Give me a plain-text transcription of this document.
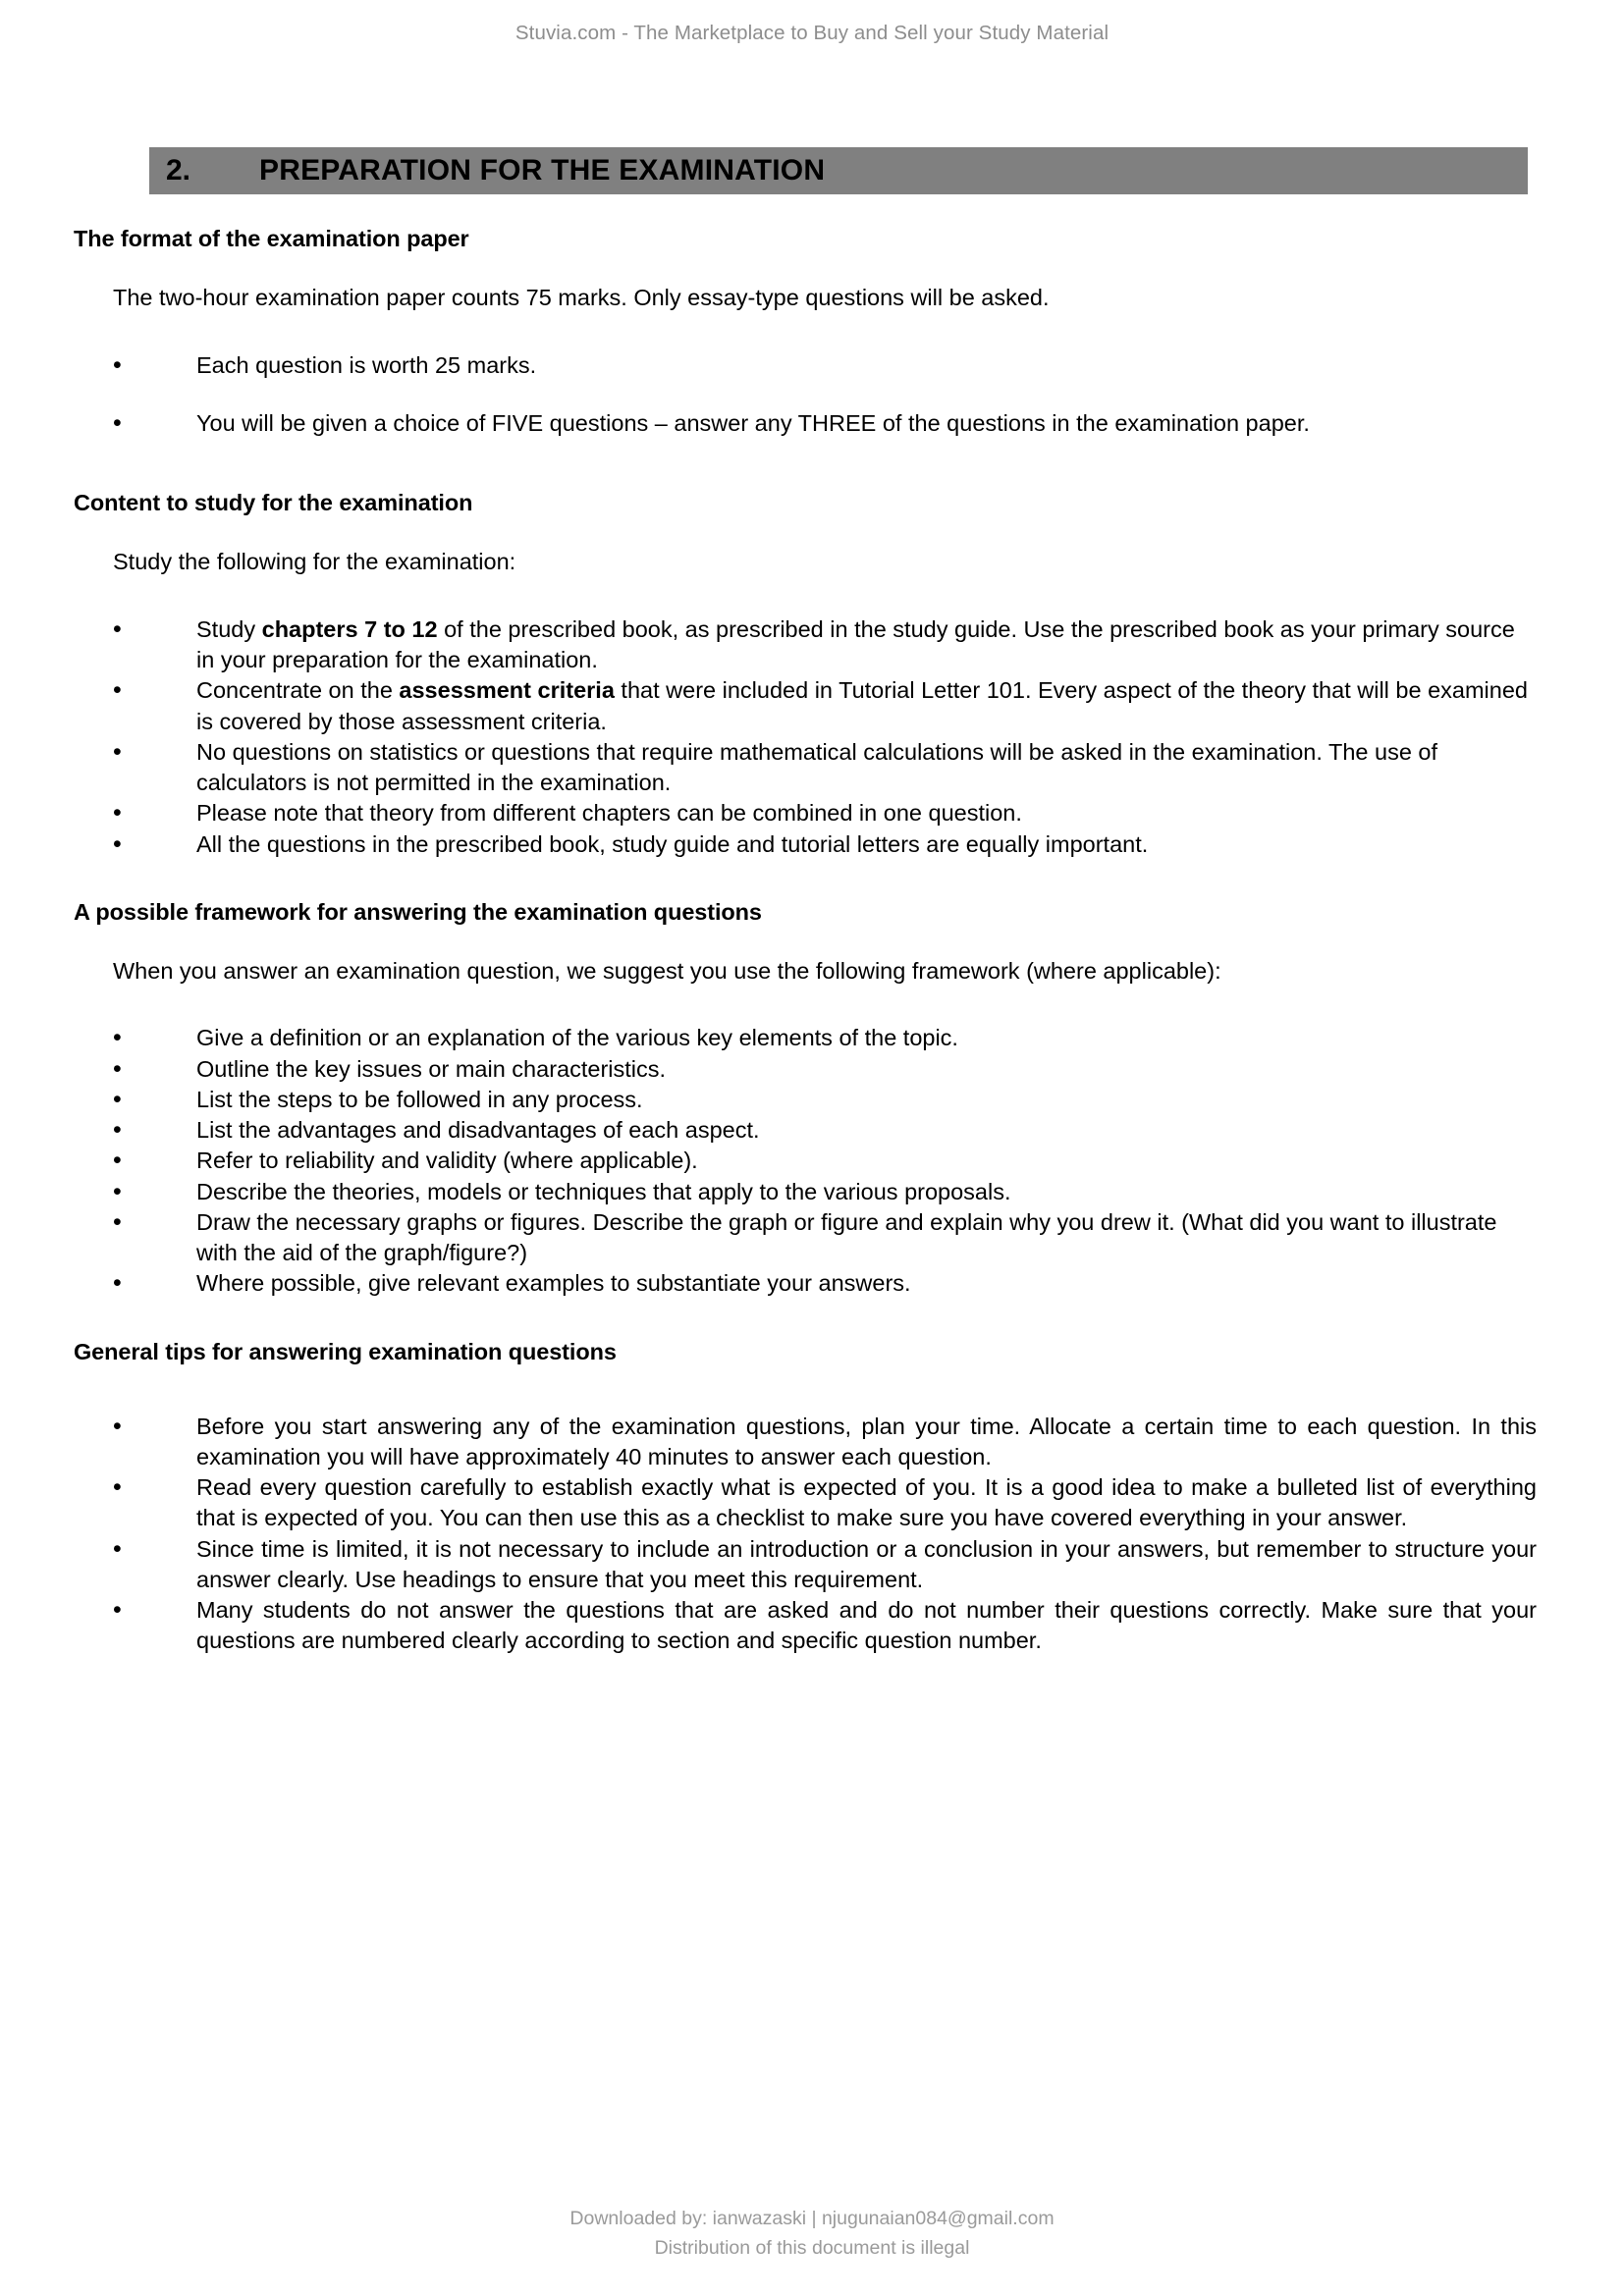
Stuvia.com - The Marketplace to Buy and Sell your Study Material
2.	PREPARATION FOR THE EXAMINATION
The format of the examination paper

The two-hour examination paper counts 75 marks. Only essay-type questions will be asked.

• Each question is worth 25 marks.
• You will be given a choice of FIVE questions – answer any THREE of the questions in the examination paper.
Content to study for the examination

Study the following for the examination:

• Study chapters 7 to 12 of the prescribed book, as prescribed in the study guide. Use the prescribed book as your primary source in your preparation for the examination.
• Concentrate on the assessment criteria that were included in Tutorial Letter 101. Every aspect of the theory that will be examined is covered by those assessment criteria.
• No questions on statistics or questions that require mathematical calculations will be asked in the examination. The use of calculators is not permitted in the examination.
• Please note that theory from different chapters can be combined in one question.
• All the questions in the prescribed book, study guide and tutorial letters are equally important.
A possible framework for answering the examination questions

When you answer an examination question, we suggest you use the following framework (where applicable):

• Give a definition or an explanation of the various key elements of the topic.
• Outline the key issues or main characteristics.
• List the steps to be followed in any process.
• List the advantages and disadvantages of each aspect.
• Refer to reliability and validity (where applicable).
• Describe the theories, models or techniques that apply to the various proposals.
• Draw the necessary graphs or figures. Describe the graph or figure and explain why you drew it. (What did you want to illustrate with the aid of the graph/figure?)
• Where possible, give relevant examples to substantiate your answers.
General tips for answering examination questions
• Before you start answering any of the examination questions, plan your time. Allocate a certain time to each question. In this examination you will have approximately 40 minutes to answer each question.
• Read every question carefully to establish exactly what is expected of you. It is a good idea to make a bulleted list of everything that is expected of you. You can then use this as a checklist to make sure you have covered everything in your answer.
• Since time is limited, it is not necessary to include an introduction or a conclusion in your answers, but remember to structure your answer clearly. Use headings to ensure that you meet this requirement.
• Many students do not answer the questions that are asked and do not number their questions correctly. Make sure that your questions are numbered clearly according to section and specific question number.
Downloaded by: ianwazaski | njugunaian084@gmail.com
Distribution of this document is illegal
